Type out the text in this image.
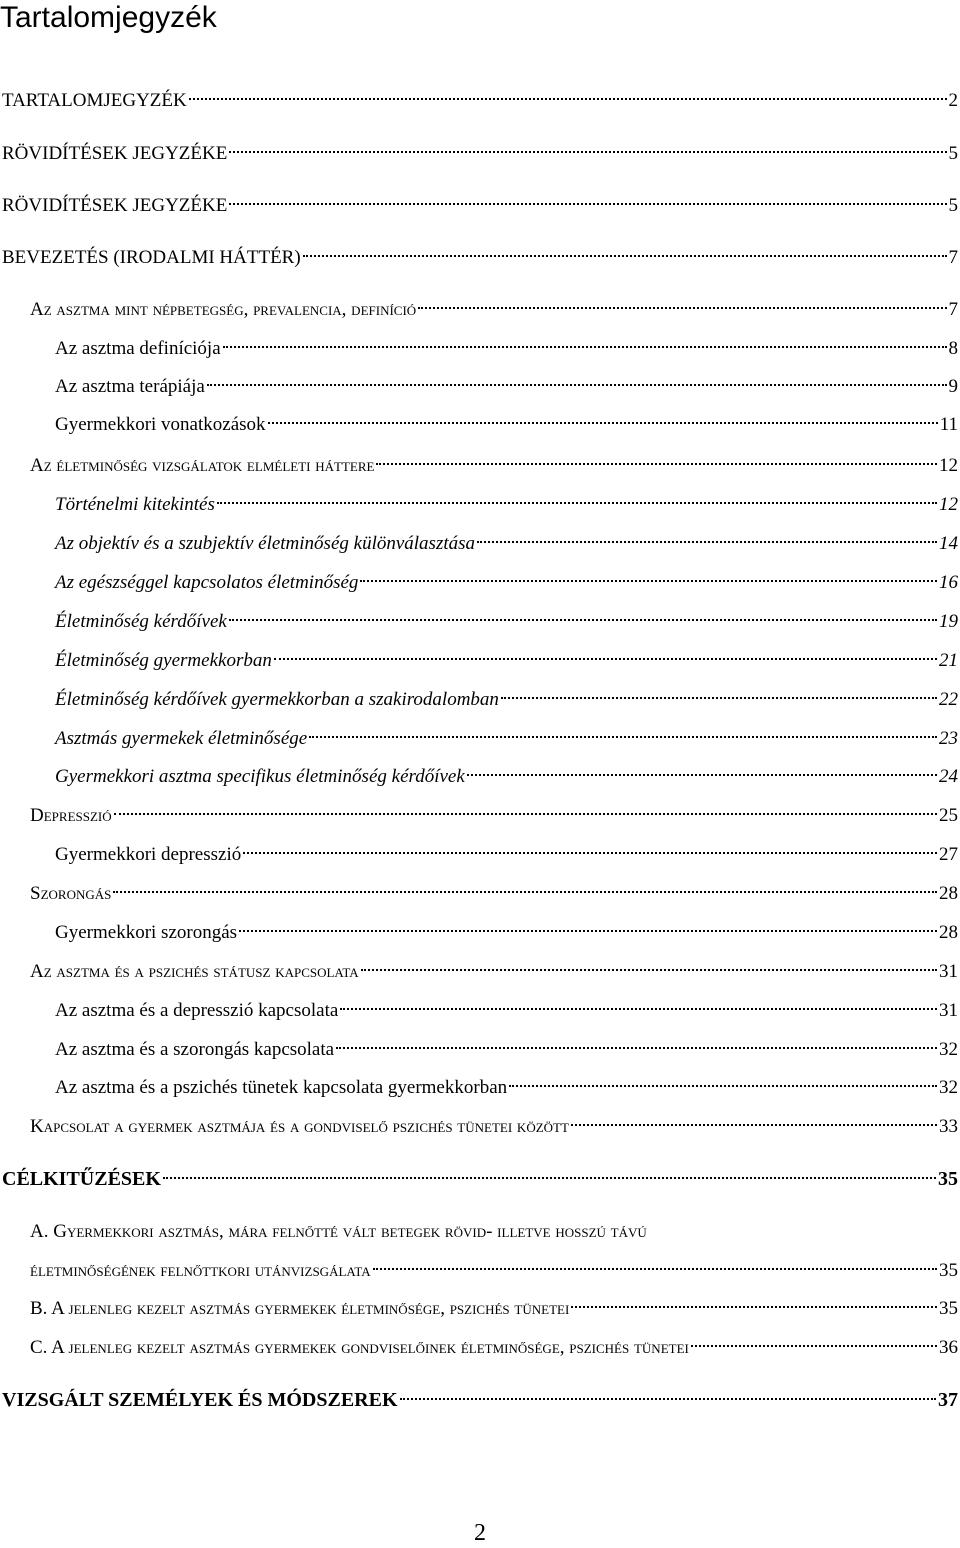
Tartalomjegyzék
TARTALOMJEGYZÉK	2
RÖVIDÍTÉSEK JEGYZÉKE	5
RÖVIDÍTÉSEK JEGYZÉKE	5
BEVEZETÉS (IRODALMI HÁTTÉR)	7
Az asztma mint népbetegség, prevalencia, definíció	7
Az asztma definíciója	8
Az asztma terápiája	9
Gyermekkori vonatkozások	11
Az életminőség vizsgálatok elméleti háttere	12
Történelmi kitekintés	12
Az objektív és a szubjektív életminőség különválasztása	14
Az egészséggel kapcsolatos életminőség	16
Életminőség kérdőívek	19
Életminőség gyermekkorban	21
Életminőség kérdőívek gyermekkorban a szakirodalomban	22
Asztmás gyermekek életminősége	23
Gyermekkori asztma specifikus életminőség kérdőívek	24
Depresszió	25
Gyermekkori depresszió	27
Szorongás	28
Gyermekkori szorongás	28
Az asztma és a pszichés státusz kapcsolata	31
Az asztma és a depresszió kapcsolata	31
Az asztma és a szorongás kapcsolata	32
Az asztma és a pszichés tünetek kapcsolata gyermekkorban	32
Kapcsolat a gyermek asztmája és a gondviselő pszichés tünetei között	33
CÉLKITŰZÉSEK	35
A. Gyermekkori asztmás, mára felnőtté vált betegek rövid- illetve hosszú távú
életminőségének felnőttkori utánvizsgálata	35
B. A jelenleg kezelt asztmás gyermekek életminősége, pszichés tünetei	35
C. A jelenleg kezelt asztmás gyermekek gondviselőinek életminősége, pszichés tünetei	36
VIZSGÁLT SZEMÉLYEK ÉS MÓDSZEREK	37
2
